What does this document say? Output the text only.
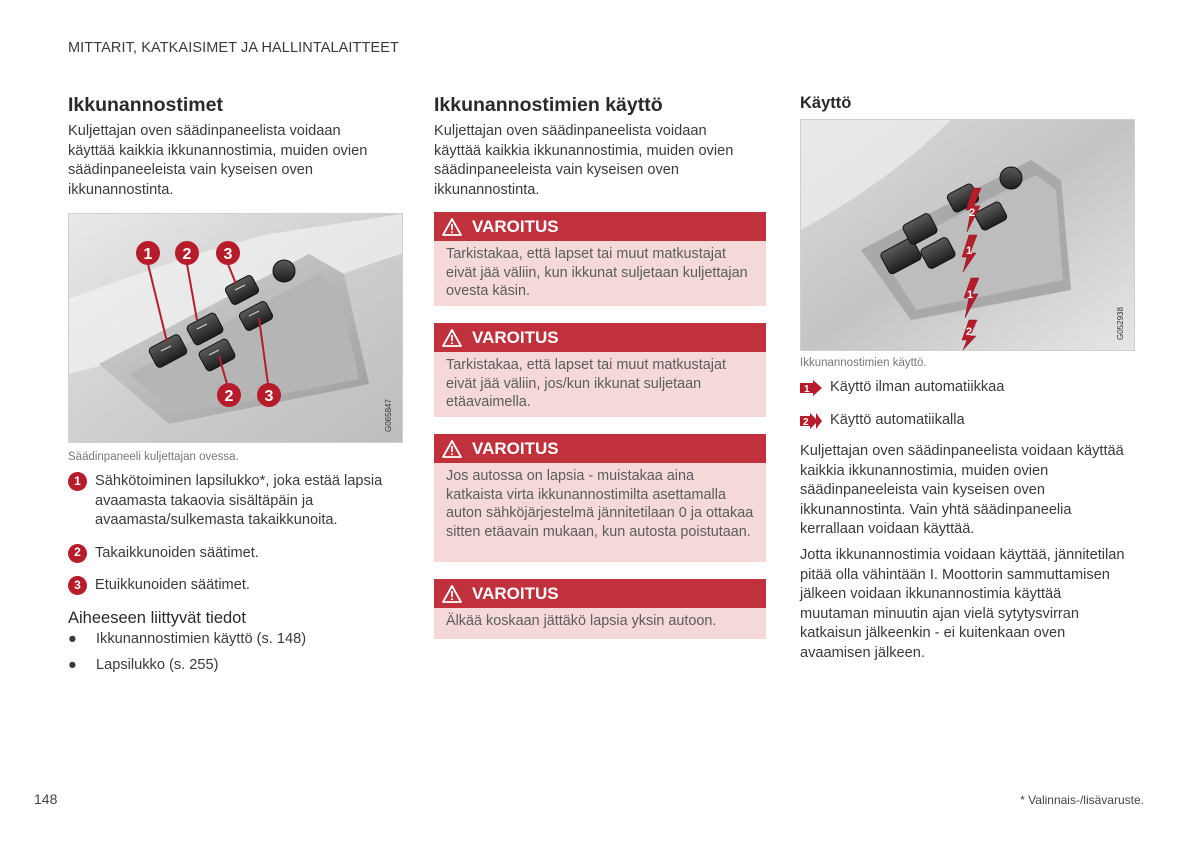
MITTARIT, KATKAISIMET JA HALLINTALAITTEET
Ikkunannostimet
Kuljettajan oven säädinpaneelista voidaan käyttää kaikkia ikkunannostimia, muiden ovien säädinpaneeleista vain kyseisen oven ikkunannostinta.
1 2 3
2 3
G065847
Säädinpaneeli kuljettajan ovessa.
1 Sähkötoiminen lapsilukko*, joka estää lapsia avaamasta takaovia sisältäpäin ja avaamasta/sulkemasta takaikkunoita.
2 Takaikkunoiden säätimet.
3 Etuikkunoiden säätimet.
Aiheeseen liittyvät tiedot
● Ikkunannostimien käyttö (s. 148)
● Lapsilukko (s. 255)
Ikkunannostimien käyttö
Kuljettajan oven säädinpaneelista voidaan käyttää kaikkia ikkunannostimia, muiden ovien säädinpaneeleista vain kyseisen oven ikkunannostinta.
VAROITUS
Tarkistakaa, että lapset tai muut matkustajat eivät jää väliin, kun ikkunat suljetaan kuljettajan ovesta käsin.
VAROITUS
Tarkistakaa, että lapset tai muut matkustajat eivät jää väliin, jos/kun ikkunat suljetaan etäavaimella.
VAROITUS
Jos autossa on lapsia - muistakaa aina katkaista virta ikkunannostimilta asettamalla auton sähköjärjestelmä jännitetilaan 0 ja ottakaa sitten etäavain mukaan, kun autosta poistutaan.
VAROITUS
Älkää koskaan jättäkö lapsia yksin autoon.
Käyttö
2
1
1
2	G052938
Ikkunannostimien käyttö.
1 Käyttö ilman automatiikkaa
2 Käyttö automatiikalla
Kuljettajan oven säädinpaneelista voidaan käyttää kaikkia ikkunannostimia, muiden ovien säädinpaneeleista vain kyseisen oven ikkunannostinta. Vain yhtä säädinpaneelia kerrallaan voidaan käyttää.
Jotta ikkunannostimia voidaan käyttää, jännitetilan pitää olla vähintään I. Moottorin sammuttamisen jälkeen voidaan ikkunannostimia käyttää muutaman minuutin ajan vielä sytytysvirran katkaisun jälkeenkin - ei kuitenkaan oven avaamisen jälkeen.
148	* Valinnais-/lisävaruste.
